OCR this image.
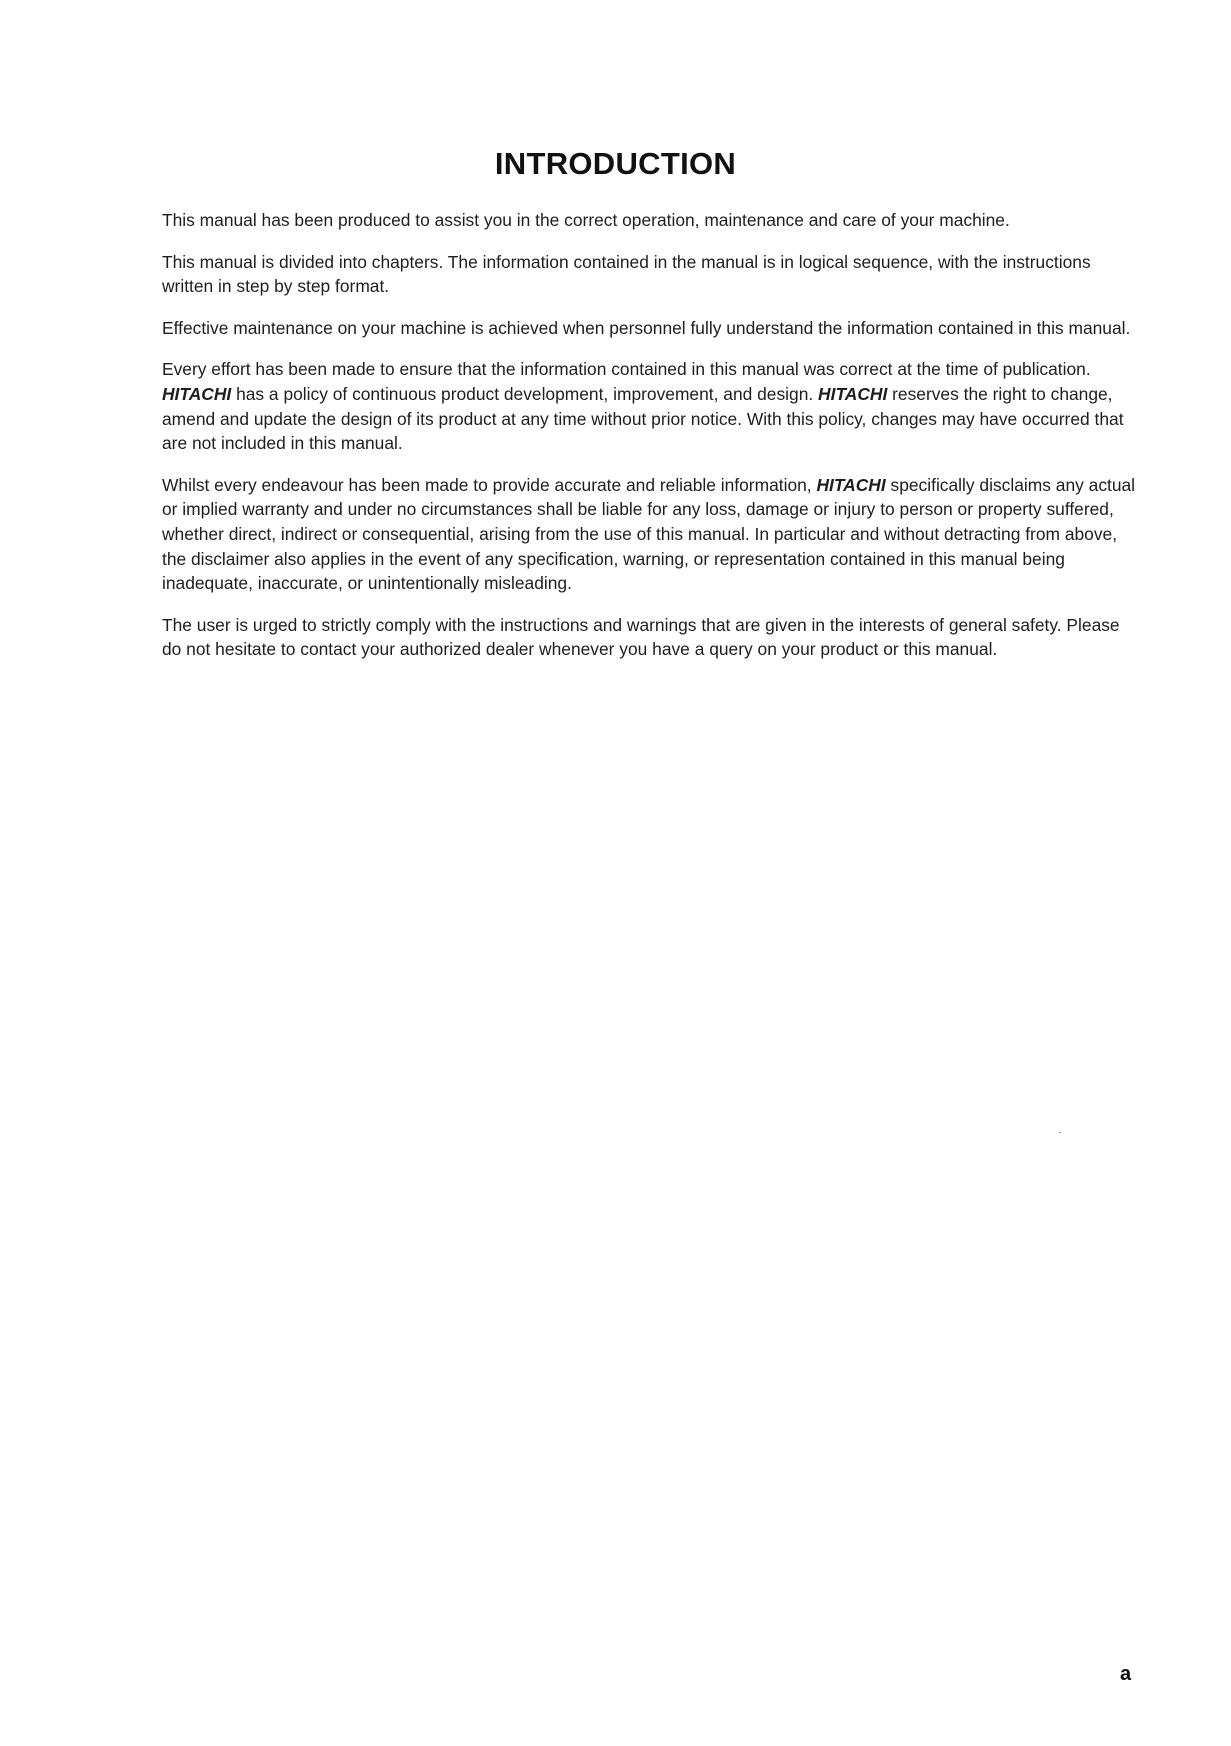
INTRODUCTION

This manual has been produced to assist you in the correct operation, maintenance and care of your machine.

This manual is divided into chapters. The information contained in the manual is in logical sequence, with the instructions written in step by step format.

Effective maintenance on your machine is achieved when personnel fully understand the information contained in this manual.

Every effort has been made to ensure that the information contained in this manual was correct at the time of publication. HITACHI has a policy of continuous product development, improvement, and design. HITACHI reserves the right to change, amend and update the design of its product at any time without prior notice. With this policy, changes may have occurred that are not included in this manual.

Whilst every endeavour has been made to provide accurate and reliable information, HITACHI specifically disclaims any actual or implied warranty and under no circumstances shall be liable for any loss, damage or injury to person or property suffered, whether direct, indirect or consequential, arising from the use of this manual. In particular and without detracting from above, the disclaimer also applies in the event of any specification, warning, or representation contained in this manual being inadequate, inaccurate, or unintentionally misleading.

The user is urged to strictly comply with the instructions and warnings that are given in the interests of general safety. Please do not hesitate to contact your authorized dealer whenever you have a query on your product or this manual.

a
